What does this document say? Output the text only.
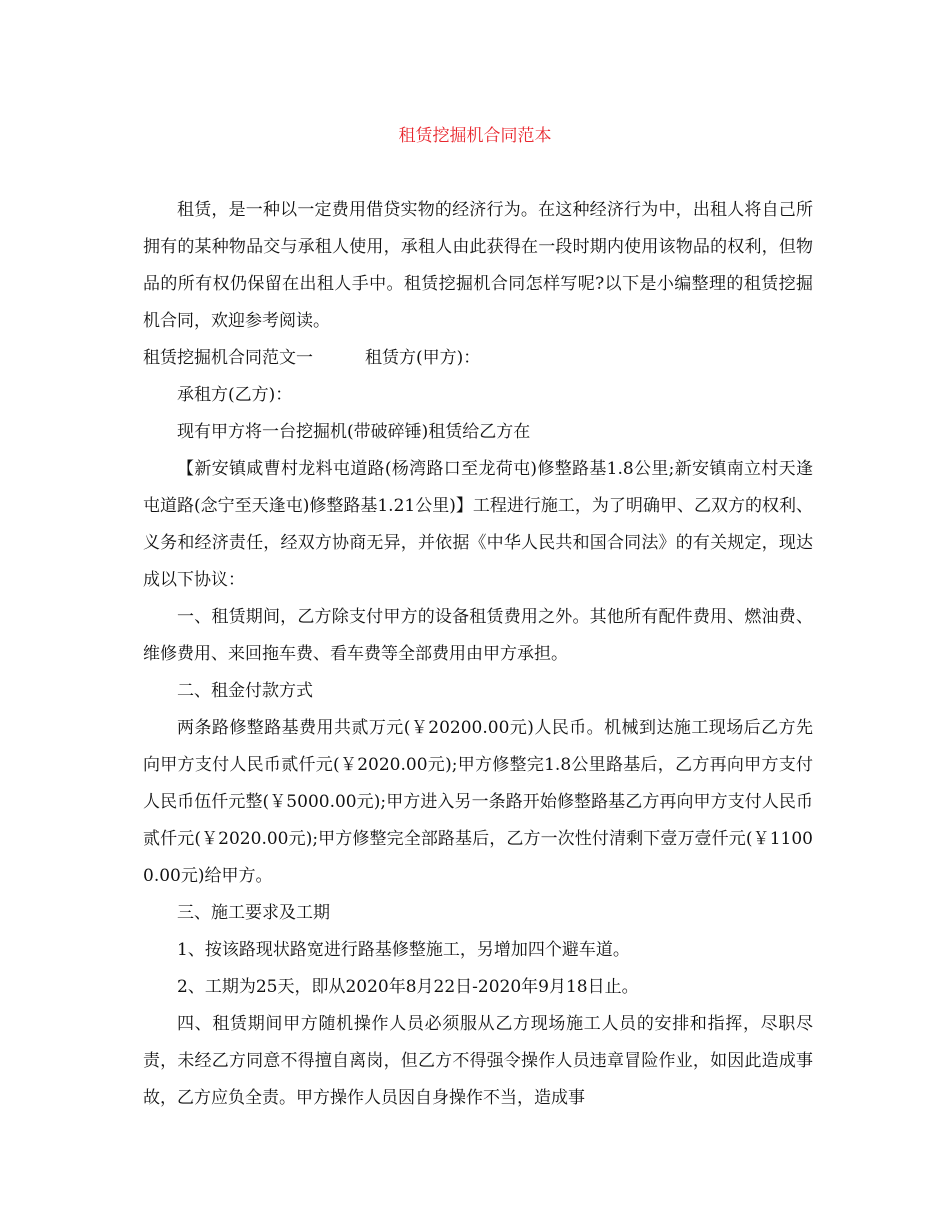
租赁挖掘机合同范本

租赁，是一种以一定费用借贷实物的经济行为。在这种经济行为中，出租人将自己所拥有的某种物品交与承租人使用，承租人由此获得在一段时期内使用该物品的权利，但物品的所有权仍保留在出租人手中。租赁挖掘机合同怎样写呢?以下是小编整理的租赁挖掘机合同，欢迎参考阅读。

租赁挖掘机合同范文一	租赁方(甲方)：

承租方(乙方)：

现有甲方将一台挖掘机(带破碎锤)租赁给乙方在

【新安镇咸曹村龙料屯道路(杨湾路口至龙荷屯)修整路基1.8公里;新安镇南立村天逢屯道路(念宁至天逢屯)修整路基1.21公里)】工程进行施工，为了明确甲、乙双方的权利、义务和经济责任，经双方协商无异，并依据《中华人民共和国合同法》的有关规定，现达成以下协议：

一、租赁期间，乙方除支付甲方的设备租赁费用之外。其他所有配件费用、燃油费、维修费用、来回拖车费、看车费等全部费用由甲方承担。

二、租金付款方式

两条路修整路基费用共贰万元(￥20200.00元)人民币。机械到达施工现场后乙方先向甲方支付人民币贰仟元(￥2020.00元);甲方修整完1.8公里路基后，乙方再向甲方支付人民币伍仟元整(￥5000.00元);甲方进入另一条路开始修整路基乙方再向甲方支付人民币贰仟元(￥2020.00元);甲方修整完全部路基后，乙方一次性付清剩下壹万壹仟元(￥11000.00元)给甲方。

三、施工要求及工期

1、按该路现状路宽进行路基修整施工，另增加四个避车道。

2、工期为25天，即从2020年8月22日-2020年9月18日止。

四、租赁期间甲方随机操作人员必须服从乙方现场施工人员的安排和指挥，尽职尽责，未经乙方同意不得擅自离岗，但乙方不得强令操作人员违章冒险作业，如因此造成事故，乙方应负全责。甲方操作人员因自身操作不当，造成事
